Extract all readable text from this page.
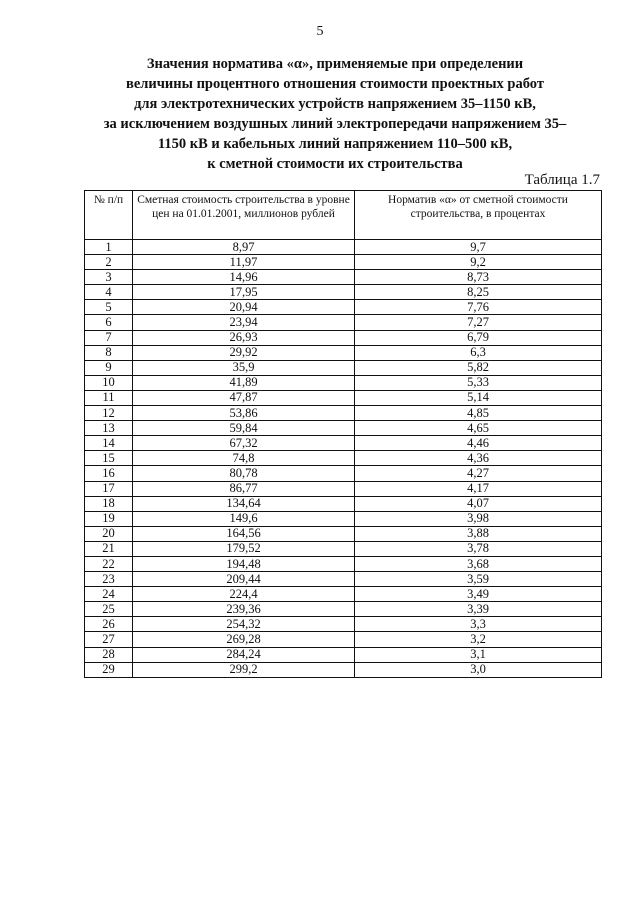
5
Значения норматива «α», применяемые при определении
величины процентного отношения стоимости проектных работ
для электротехнических устройств напряжением 35–1150 кВ,
за исключением воздушных линий электропередачи напряжением 35–
1150 кВ и кабельных линий напряжением 110–500 кВ,
к сметной стоимости их строительства
Таблица 1.7
№ п/п	Сметная стоимость строительства в уровне цен на 01.01.2001, миллионов рублей	Норматив «α» от сметной стоимости строительства, в процентах
1	8,97	9,7
2	11,97	9,2
3	14,96	8,73
4	17,95	8,25
5	20,94	7,76
6	23,94	7,27
7	26,93	6,79
8	29,92	6,3
9	35,9	5,82
10	41,89	5,33
11	47,87	5,14
12	53,86	4,85
13	59,84	4,65
14	67,32	4,46
15	74,8	4,36
16	80,78	4,27
17	86,77	4,17
18	134,64	4,07
19	149,6	3,98
20	164,56	3,88
21	179,52	3,78
22	194,48	3,68
23	209,44	3,59
24	224,4	3,49
25	239,36	3,39
26	254,32	3,3
27	269,28	3,2
28	284,24	3,1
29	299,2	3,0
